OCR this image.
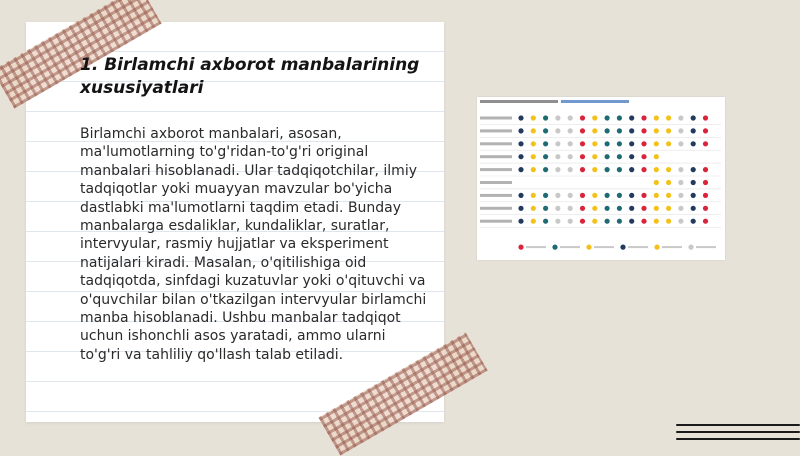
1. Birlamchi axborot manbalarining xususiyatlari

Birlamchi axborot manbalari, asosan, ma'lumotlarning to'g'ridan-to'g'ri original manbalari hisoblanadi. Ular tadqiqotchilar, ilmiy tadqiqotlar yoki muayyan mavzular bo'yicha dastlabki ma'lumotlarni taqdim etadi. Bunday manbalarga esdaliklar, kundaliklar, suratlar, intervyular, rasmiy hujjatlar va eksperiment natijalari kiradi. Masalan, o'qitilishiga oid tadqiqotda, sinfdagi kuzatuvlar yoki o'qituvchi va o'quvchilar bilan o'tkazilgan intervyular birlamchi manba hisoblanadi. Ushbu manbalar tadqiqot uchun ishonchli asos yaratadi, ammo ularni to'g'ri va tahliliy qo'llash talab etiladi.
